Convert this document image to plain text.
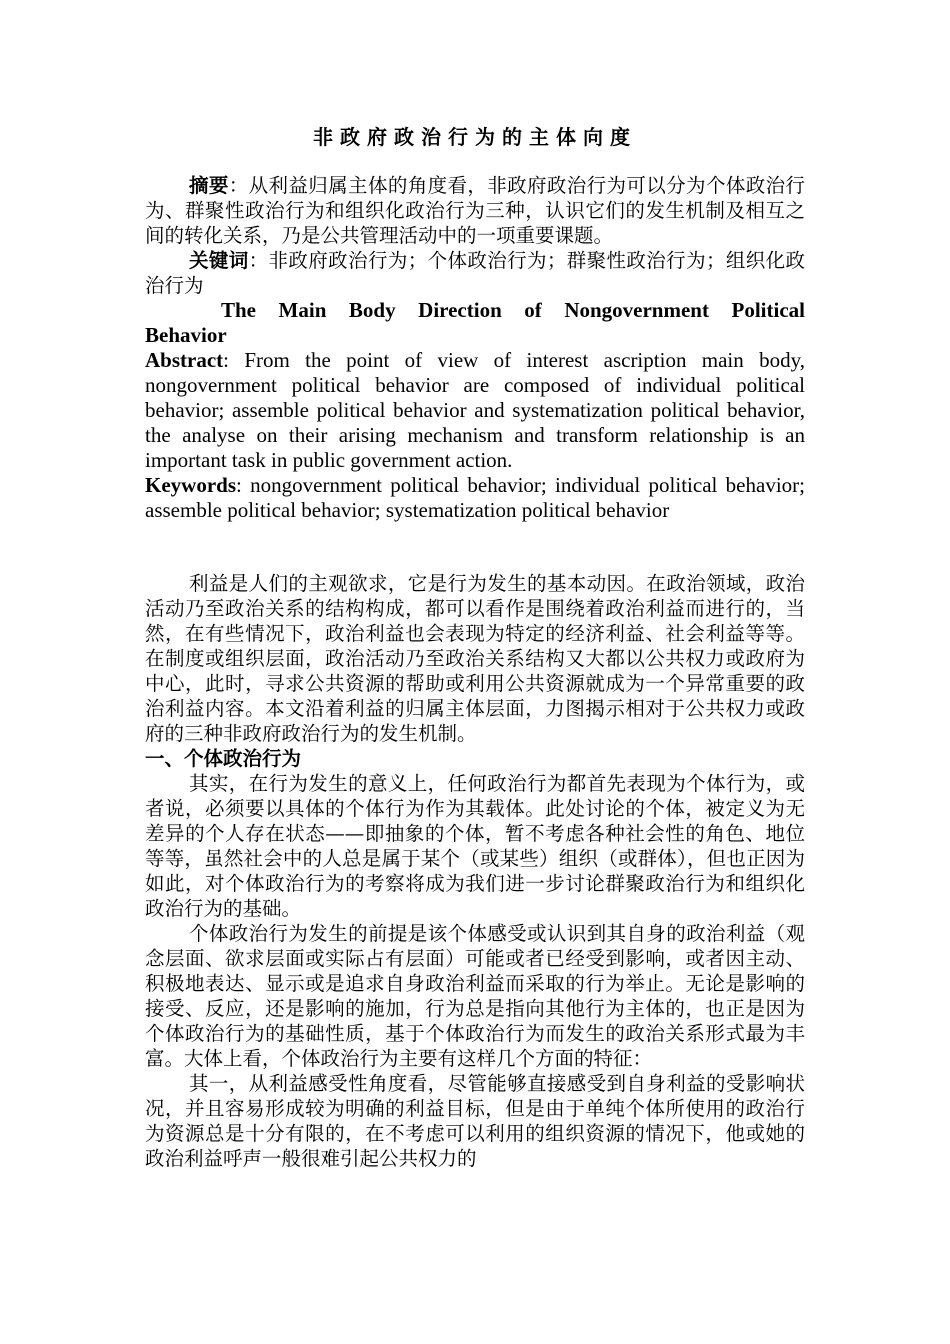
非政府政治行为的主体向度

摘要：从利益归属主体的角度看，非政府政治行为可以分为个体政治行为、群聚性政治行为和组织化政治行为三种，认识它们的发生机制及相互之间的转化关系，乃是公共管理活动中的一项重要课题。

关键词：非政府政治行为；个体政治行为；群聚性政治行为；组织化政治行为

The Main Body Direction of Nongovernment Political

Behavior

Abstract: From the point of view of interest ascription main body, nongovernment political behavior are composed of individual political behavior; assemble political behavior and systematization political behavior, the analyse on their arising mechanism and transform relationship is an important task in public government action.

Keywords: nongovernment political behavior; individual political behavior; assemble political behavior; systematization political behavior

利益是人们的主观欲求，它是行为发生的基本动因。在政治领域，政治活动乃至政治关系的结构构成，都可以看作是围绕着政治利益而进行的，当然，在有些情况下，政治利益也会表现为特定的经济利益、社会利益等等。在制度或组织层面，政治活动乃至政治关系结构又大都以公共权力或政府为中心，此时，寻求公共资源的帮助或利用公共资源就成为一个异常重要的政治利益内容。本文沿着利益的归属主体层面，力图揭示相对于公共权力或政府的三种非政府政治行为的发生机制。

一、个体政治行为

其实，在行为发生的意义上，任何政治行为都首先表现为个体行为，或者说，必须要以具体的个体行为作为其载体。此处讨论的个体，被定义为无差异的个人存在状态——即抽象的个体，暂不考虑各种社会性的角色、地位等等，虽然社会中的人总是属于某个（或某些）组织（或群体），但也正因为如此，对个体政治行为的考察将成为我们进一步讨论群聚政治行为和组织化政治行为的基础。

个体政治行为发生的前提是该个体感受或认识到其自身的政治利益（观念层面、欲求层面或实际占有层面）可能或者已经受到影响，或者因主动、积极地表达、显示或是追求自身政治利益而采取的行为举止。无论是影响的接受、反应，还是影响的施加，行为总是指向其他行为主体的，也正是因为个体政治行为的基础性质，基于个体政治行为而发生的政治关系形式最为丰富。大体上看，个体政治行为主要有这样几个方面的特征：

其一，从利益感受性角度看，尽管能够直接感受到自身利益的受影响状况，并且容易形成较为明确的利益目标，但是由于单纯个体所使用的政治行为资源总是十分有限的，在不考虑可以利用的组织资源的情况下，他或她的政治利益呼声一般很难引起公共权力的
